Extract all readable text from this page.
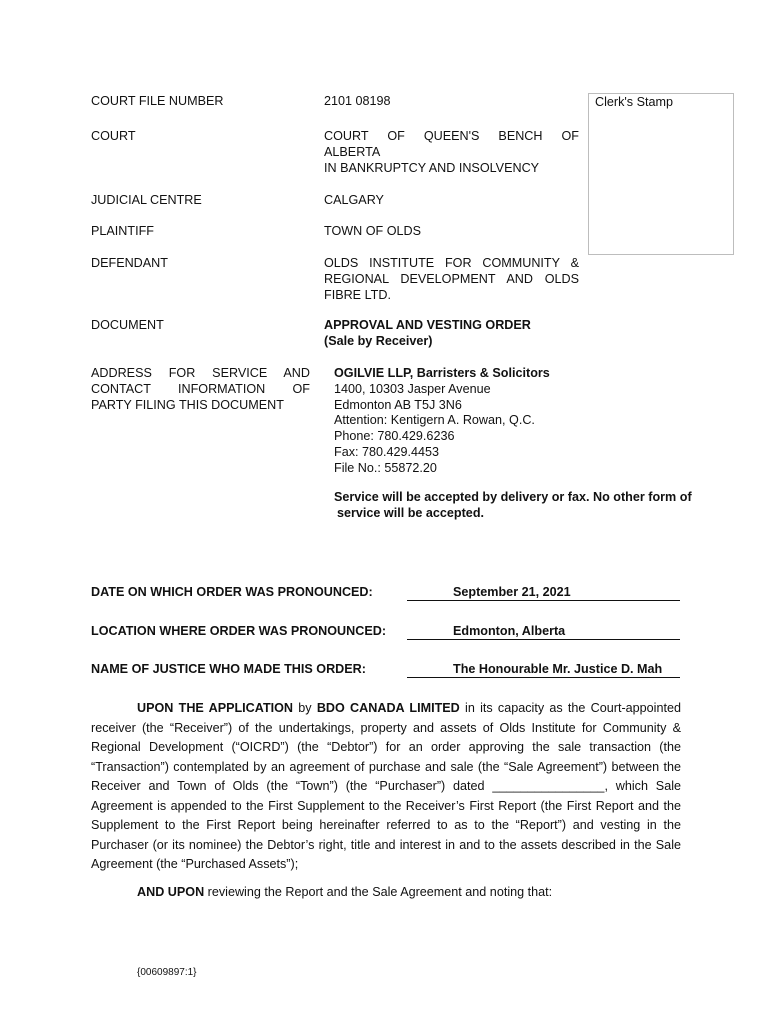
COURT FILE NUMBER	2101 08198	Clerk's Stamp
COURT	COURT OF QUEEN'S BENCH OF
ALBERTA
IN BANKRUPTCY AND INSOLVENCY
JUDICIAL CENTRE	CALGARY
PLAINTIFF	TOWN OF OLDS
DEFENDANT	OLDS INSTITUTE FOR COMMUNITY &
REGIONAL DEVELOPMENT AND OLDS
FIBRE LTD.
DOCUMENT	APPROVAL AND VESTING ORDER
(Sale by Receiver)
ADDRESS FOR SERVICE AND
CONTACT INFORMATION OF
PARTY FILING THIS DOCUMENT
OGILVIE LLP, Barristers & Solicitors
1400, 10303 Jasper Avenue
Edmonton AB T5J 3N6
Attention: Kentigern A. Rowan, Q.C.
Phone: 780.429.6236
Fax: 780.429.4453
File No.: 55872.20
Service will be accepted by delivery or fax. No other form of
service will be accepted.
DATE ON WHICH ORDER WAS PRONOUNCED:	September 21, 2021
LOCATION WHERE ORDER WAS PRONOUNCED:	Edmonton, Alberta
NAME OF JUSTICE WHO MADE THIS ORDER:	The Honourable Mr. Justice D. Mah
UPON THE APPLICATION by BDO CANADA LIMITED in its capacity as the Court-appointed receiver (the “Receiver”) of the undertakings, property and assets of Olds Institute for Community & Regional Development (“OICRD”) (the “Debtor”) for an order approving the sale transaction (the “Transaction”) contemplated by an agreement of purchase and sale (the “Sale Agreement”) between the Receiver and Town of Olds (the “Town”) (the “Purchaser”) dated ________________, which Sale Agreement is appended to the First Supplement to the Receiver’s First Report (the First Report and the Supplement to the First Report being hereinafter referred to as to the “Report”) and vesting in the Purchaser (or its nominee) the Debtor’s right, title and interest in and to the assets described in the Sale Agreement (the “Purchased Assets”);
AND UPON reviewing the Report and the Sale Agreement and noting that:
{00609897:1}
